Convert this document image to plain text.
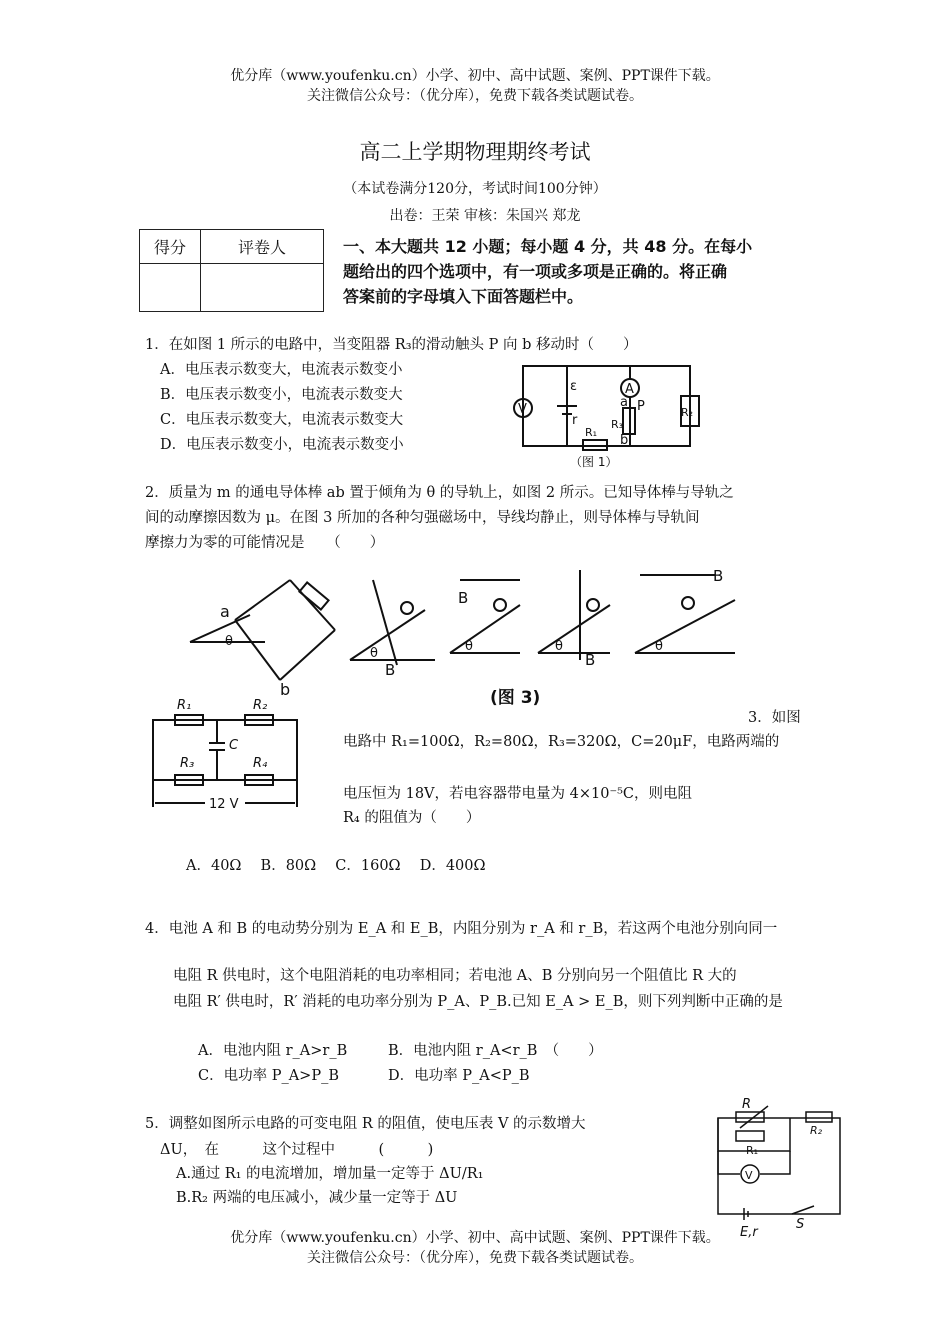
优分库（www.youfenku.cn）小学、初中、高中试题、案例、PPT课件下载。
关注微信公众号：（优分库），免费下载各类试题试卷。
高二上学期物理期终考试
（本试卷满分120分，考试时间100分钟）
出卷：王荣 审核：朱国兴 郑龙
得分	评卷人
		一、本大题共 12 小题；每小题 4 分，共 48 分。在每小
题给出的四个选项中，有一项或多项是正确的。将正确
答案前的字母填入下面答题栏中。
1．在如图 1 所示的电路中，当变阻器 R₃的滑动触头 P 向 b 移动时（　　）
A．电压表示数变大，电流表示数变小
B．电压表示数变小，电流表示数变大
C．电压表示数变大，电流表示数变大
D．电压表示数变小，电流表示数变小
A
V
ε
r
R₂
R₃
P
a
b
R₁
（图 1）
2．质量为 m 的通电导体棒 ab 置于倾角为 θ 的导轨上，如图 2 所示。已知导体棒与导轨之
间的动摩擦因数为 μ。在图 3 所加的各种匀强磁场中，导线均静止，则导体棒与导轨间
摩擦力为零的可能情况是　　（　　）
a
θ
b
B
θ
B
θ
B
θ
B
θ
(图 3)
R₁	R₂
R₃	R₄
C
12 V
3．如图
电路中 R₁=100Ω，R₂=80Ω，R₃=320Ω，C=20μF，电路两端的
电压恒为 18V，若电容器带电量为 4×10⁻⁵C，则电阻
R₄ 的阻值为（　　）
A．40Ω　 B．80Ω　 C．160Ω　 D．400Ω
4．电池 A 和 B 的电动势分别为 E_A 和 E_B，内阻分别为 r_A 和 r_B，若这两个电池分别向同一
电阻 R 供电时，这个电阻消耗的电功率相同；若电池 A、B 分别向另一个阻值比 R 大的
电阻 R′ 供电时，R′ 消耗的电功率分别为 P_A、P_B.已知 E_A > E_B，则下列判断中正确的是
A．电池内阻 r_A>r_B	B．电池内阻 r_A<r_B　（　　）
C．电功率 P_A>P_B	D．电功率 P_A<P_B
5．调整如图所示电路的可变电阻 R 的阻值，使电压表 V 的示数增大
ΔU，　在　　　这个过程中　　　(　　　)
A.通过 R₁ 的电流增加，增加量一定等于 ΔU/R₁
B.R₂ 两端的电压减小，减少量一定等于 ΔU
R
R₂
R₁
V
E,r
S
优分库（www.youfenku.cn）小学、初中、高中试题、案例、PPT课件下载。
关注微信公众号：（优分库），免费下载各类试题试卷。
